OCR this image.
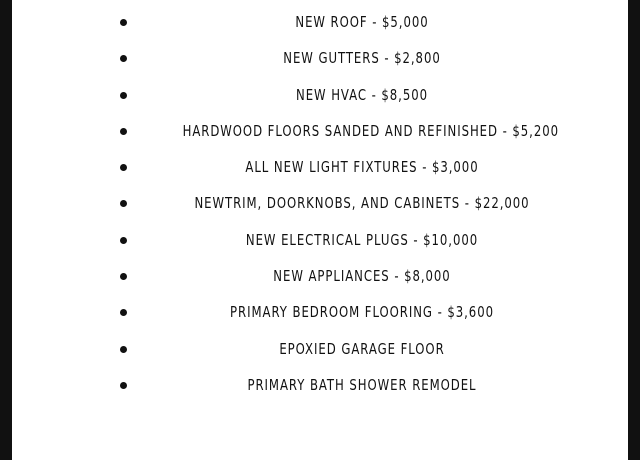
NEW ROOF - $5,000
NEW GUTTERS - $2,800
NEW HVAC - $8,500
HARDWOOD FLOORS SANDED AND REFINISHED - $5,200
ALL NEW LIGHT FIXTURES - $3,000
NEWTRIM, DOORKNOBS, AND CABINETS - $22,000
NEW ELECTRICAL PLUGS - $10,000
NEW APPLIANCES - $8,000
PRIMARY BEDROOM FLOORING - $3,600
EPOXIED GARAGE FLOOR
PRIMARY BATH SHOWER REMODEL
